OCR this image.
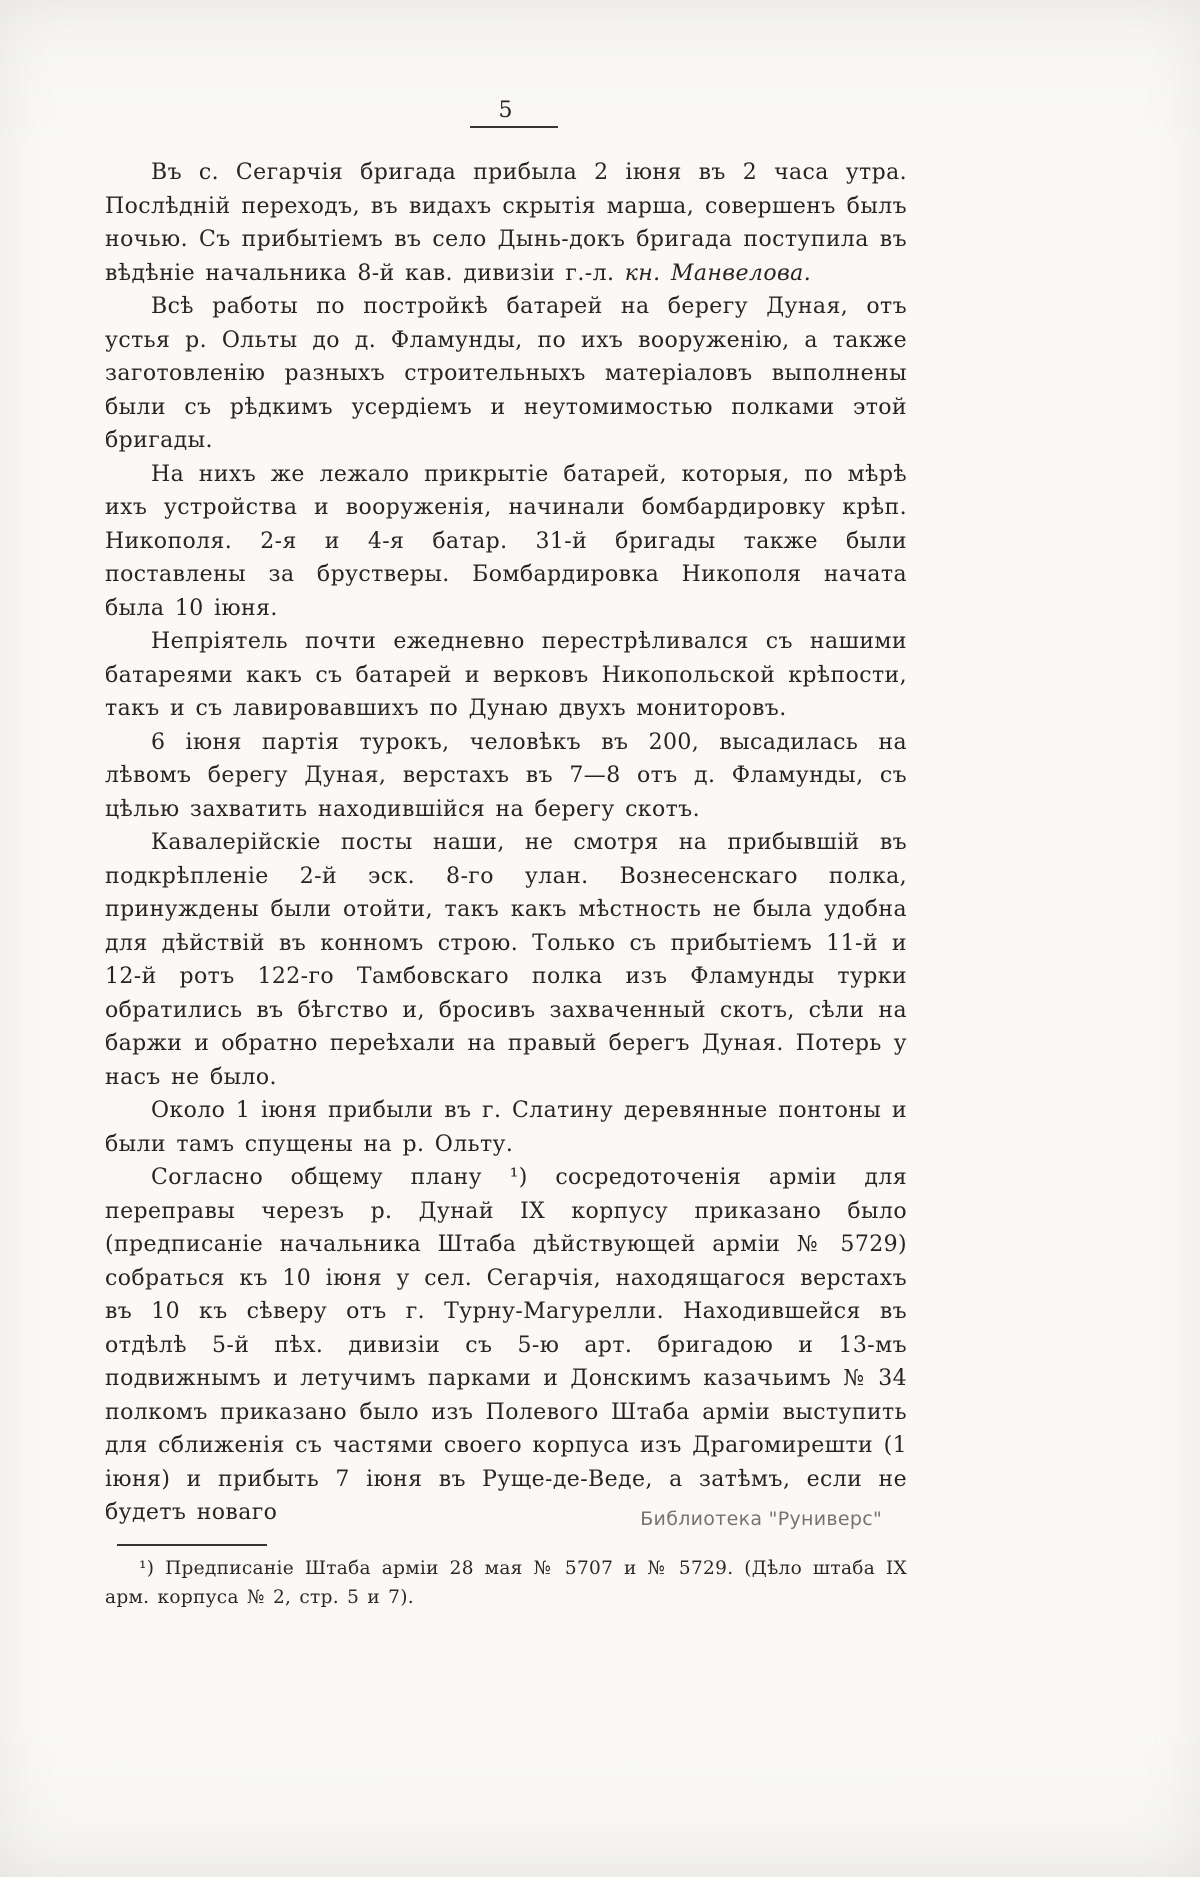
5

Въ с. Сегарчія бригада прибыла 2 іюня въ 2 часа утра. Послѣдній переходъ, въ видахъ скрытія марша, совершенъ былъ ночью. Съ прибытіемъ въ село Дынь-докъ бригада поступила въ вѣдѣніе начальника 8-й кав. дивизіи г.-л. кн. Манвелова.

Всѣ работы по постройкѣ батарей на берегу Дуная, отъ устья р. Ольты до д. Фламунды, по ихъ вооруженію, а также заготовленію разныхъ строительныхъ матеріаловъ выполнены были съ рѣдкимъ усердіемъ и неутомимостью полками этой бригады.

На нихъ же лежало прикрытіе батарей, которыя, по мѣрѣ ихъ устройства и вооруженія, начинали бомбардировку крѣп. Никополя. 2-я и 4-я батар. 31-й бригады также были поставлены за брустверы. Бомбардировка Никополя начата была 10 іюня.

Непріятель почти ежедневно перестрѣливался съ нашими батареями какъ съ батарей и верковъ Никопольской крѣпости, такъ и съ лавировавшихъ по Дунаю двухъ мониторовъ.

6 іюня партія турокъ, человѣкъ въ 200, высадилась на лѣвомъ берегу Дуная, верстахъ въ 7—8 отъ д. Фламунды, съ цѣлью захватить находившійся на берегу скотъ.

Кавалерійскіе посты наши, не смотря на прибывшій въ подкрѣпленіе 2-й эск. 8-го улан. Вознесенскаго полка, принуждены были отойти, такъ какъ мѣстность не была удобна для дѣйствій въ конномъ строю. Только съ прибытіемъ 11-й и 12-й ротъ 122-го Тамбовскаго полка изъ Фламунды турки обратились въ бѣгство и, бросивъ захваченный скотъ, сѣли на баржи и обратно переѣхали на правый берегъ Дуная. Потерь у насъ не было.

Около 1 іюня прибыли въ г. Слатину деревянные понтоны и были тамъ спущены на р. Ольту.

Согласно общему плану ¹) сосредоточенія арміи для переправы черезъ р. Дунай IX корпусу приказано было (предписаніе начальника Штаба дѣйствующей арміи № 5729) собраться къ 10 іюня у сел. Сегарчія, находящагося верстахъ въ 10 къ сѣверу отъ г. Турну-Магурелли. Находившейся въ отдѣлѣ 5-й пѣх. дивизіи съ 5-ю арт. бригадою и 13-мъ подвижнымъ и летучимъ парками и Донскимъ казачьимъ № 34 полкомъ приказано было изъ Полевого Штаба арміи выступить для сближенія съ частями своего корпуса изъ Драгомирешти (1 іюня) и прибыть 7 іюня въ Руще-де-Веде, а затѣмъ, если не будетъ новаго

¹) Предписаніе Штаба арміи 28 мая № 5707 и № 5729. (Дѣло штаба IX арм. корпуса № 2, стр. 5 и 7).

Библиотека "Руниверс"
